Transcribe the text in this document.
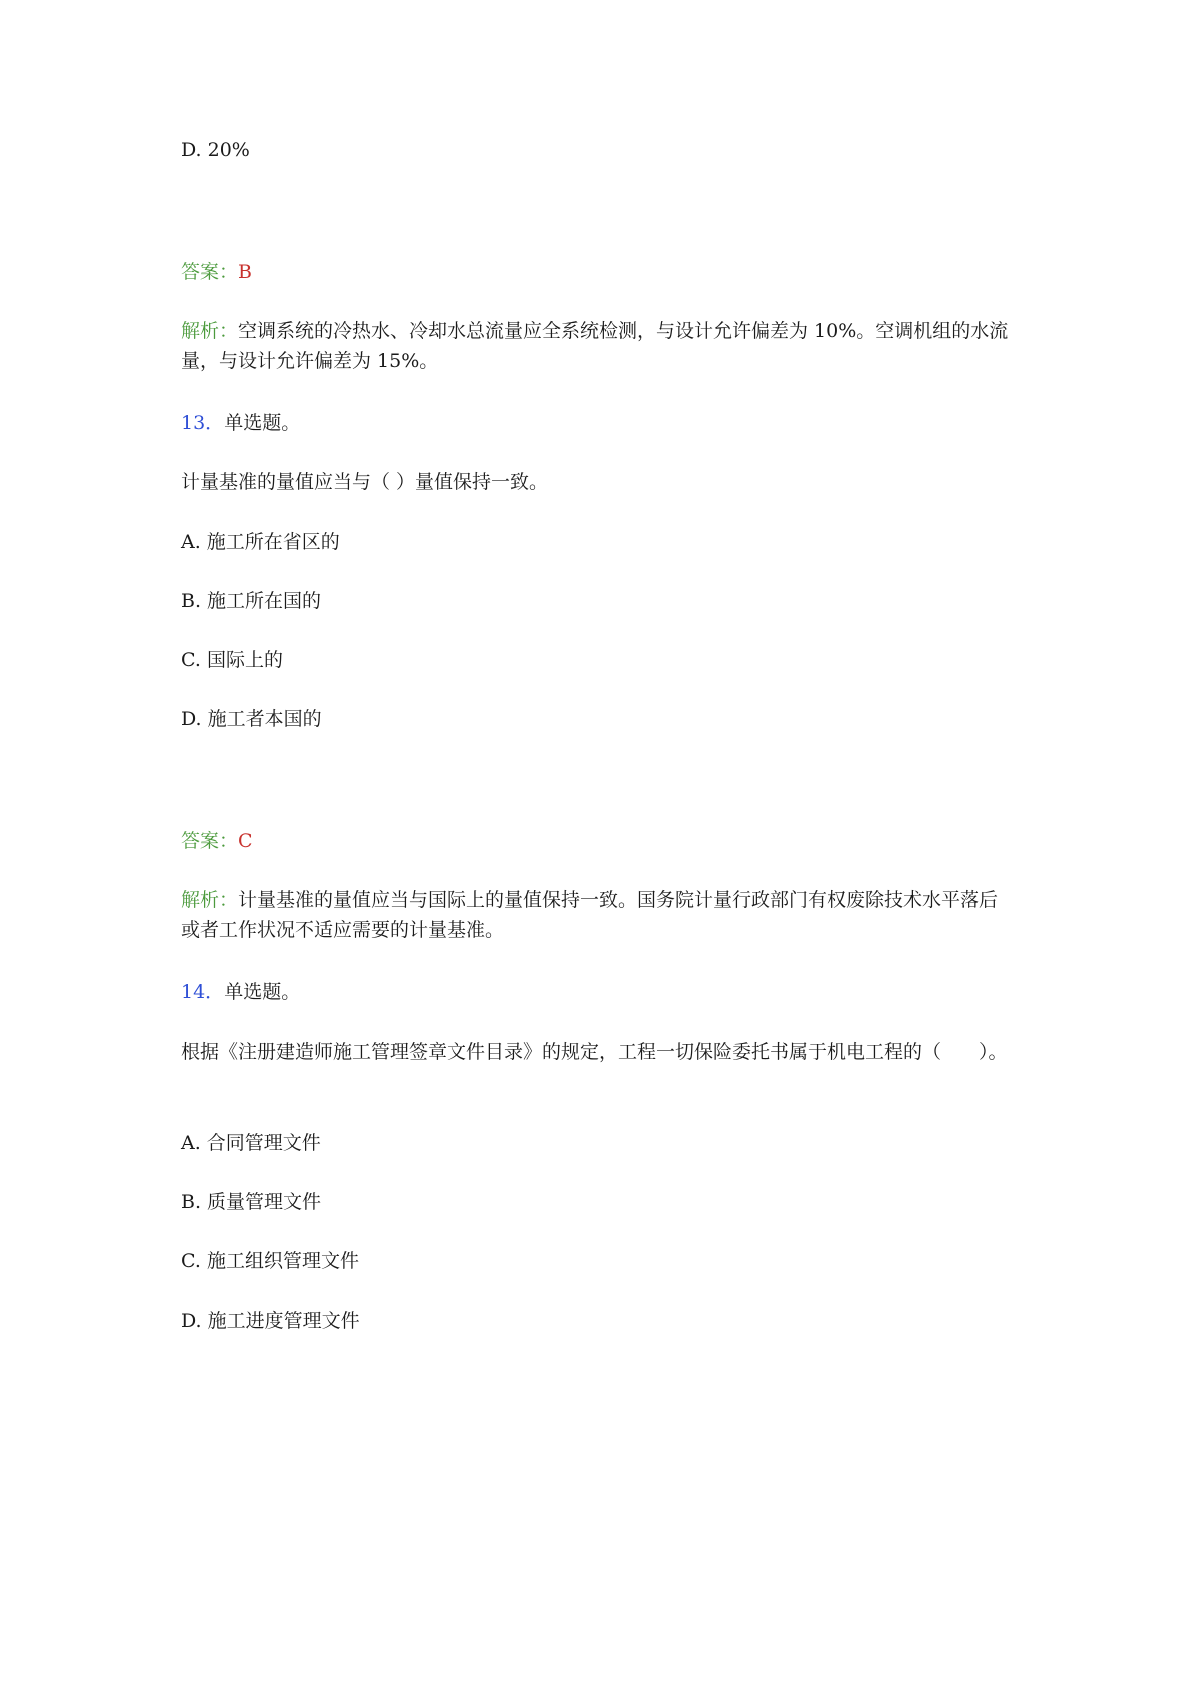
D. 20%

答案：B

解析：空调系统的冷热水、冷却水总流量应全系统检测，与设计允许偏差为 10%。空调机组的水流量，与设计允许偏差为 15%。

13．单选题。

计量基准的量值应当与（ ）量值保持一致。

A. 施工所在省区的

B. 施工所在国的

C. 国际上的

D. 施工者本国的

答案：C

解析：计量基准的量值应当与国际上的量值保持一致。国务院计量行政部门有权废除技术水平落后或者工作状况不适应需要的计量基准。

14．单选题。

根据《注册建造师施工管理签章文件目录》的规定，工程一切保险委托书属于机电工程的（　　）。

A. 合同管理文件

B. 质量管理文件

C. 施工组织管理文件

D. 施工进度管理文件
